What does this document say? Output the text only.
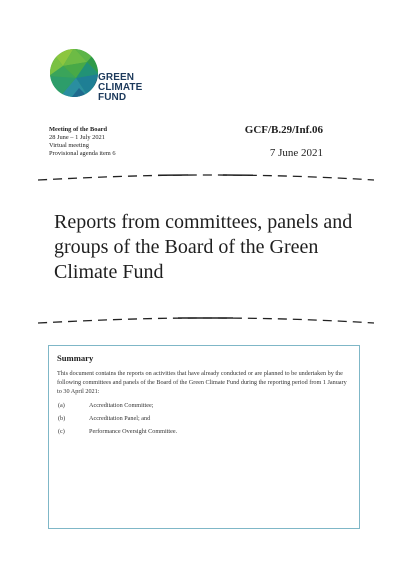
GREEN
CLIMATE
FUND
Meeting of the Board
28 June – 1 July 2021
Virtual meeting
Provisional agenda item 6
GCF/B.29/Inf.06
7 June 2021
Reports from committees, panels and groups of the Board of the Green Climate Fund

Summary

This document contains the reports on activities that have already conducted or are planned to be undertaken by the following committees and panels of the Board of the Green Climate Fund during the reporting period from 1 January to 30 April 2021:

(a)	Accreditation Committee;
(b)	Accreditation Panel; and
(c)	Performance Oversight Committee.
